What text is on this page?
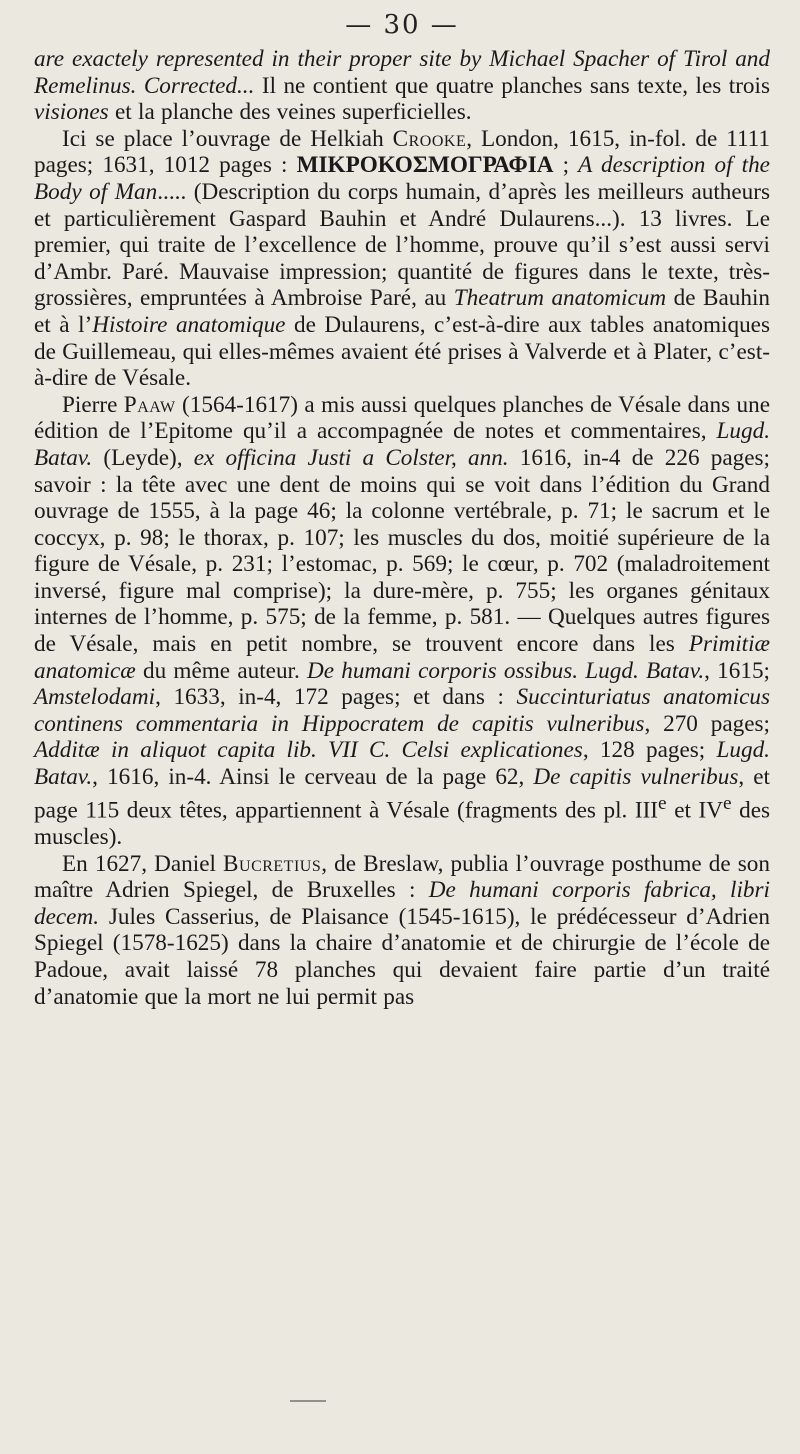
— 30 —

are exactely represented in their proper site by Michael Spacher of Tirol and Remelinus. Corrected... Il ne contient que quatre planches sans texte, les trois visiones et la planche des veines superficielles.

Ici se place l’ouvrage de Helkiah Crooke, London, 1615, in-fol. de 1111 pages; 1631, 1012 pages : ΜΙΚΡΟΚΟΣΜΟΓΡΑΦΙΑ ; A description of the Body of Man..... (Description du corps humain, d’après les meilleurs autheurs et particulièrement Gaspard Bauhin et André Dulaurens...). 13 livres. Le premier, qui traite de l’excellence de l’homme, prouve qu’il s’est aussi servi d’Ambr. Paré. Mauvaise impression; quantité de figures dans le texte, très-grossières, empruntées à Ambroise Paré, au Theatrum anatomicum de Bauhin et à l’Histoire anatomique de Dulaurens, c’est-à-dire aux tables anatomiques de Guillemeau, qui elles-mêmes avaient été prises à Valverde et à Plater, c’est-à-dire de Vésale.

Pierre Paaw (1564-1617) a mis aussi quelques planches de Vésale dans une édition de l’Epitome qu’il a accompagnée de notes et commentaires, Lugd. Batav. (Leyde), ex officina Justi a Colster, ann. 1616, in-4 de 226 pages; savoir : la tête avec une dent de moins qui se voit dans l’édition du Grand ouvrage de 1555, à la page 46; la colonne vertébrale, p. 71; le sacrum et le coccyx, p. 98; le thorax, p. 107; les muscles du dos, moitié supérieure de la figure de Vésale, p. 231; l’estomac, p. 569; le cœur, p. 702 (maladroitement inversé, figure mal comprise); la dure-mère, p. 755; les organes génitaux internes de l’homme, p. 575; de la femme, p. 581. — Quelques autres figures de Vésale, mais en petit nombre, se trouvent encore dans les Primitiæ anatomicæ du même auteur. De humani corporis ossibus. Lugd. Batav., 1615; Amstelodami, 1633, in-4, 172 pages; et dans : Succinturiatus anatomicus continens commentaria in Hippocratem de capitis vulneribus, 270 pages; Additæ in aliquot capita lib. VII C. Celsi explicationes, 128 pages; Lugd. Batav., 1616, in-4. Ainsi le cerveau de la page 62, De capitis vulneribus, et page 115 deux têtes, appartiennent à Vésale (fragments des pl. IIIe et IVe des muscles).

En 1627, Daniel Bucretius, de Breslaw, publia l’ouvrage posthume de son maître Adrien Spiegel, de Bruxelles : De humani corporis fabrica, libri decem. Jules Casserius, de Plaisance (1545-1615), le prédécesseur d’Adrien Spiegel (1578-1625) dans la chaire d’anatomie et de chirurgie de l’école de Padoue, avait laissé 78 planches qui devaient faire partie d’un traité d’anatomie que la mort ne lui permit pas
